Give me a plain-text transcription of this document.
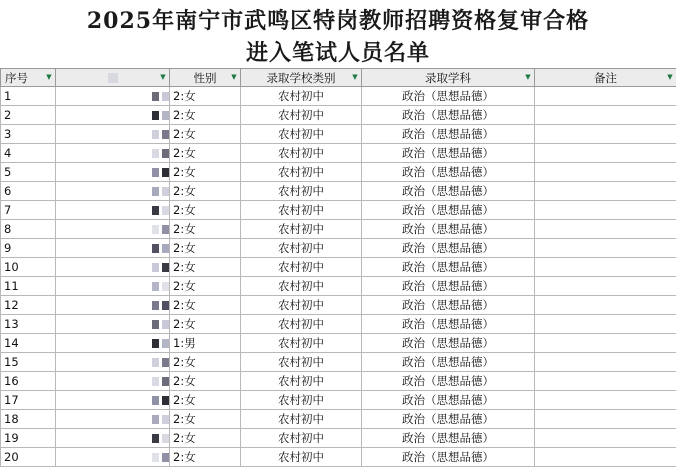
2025年南宁市武鸣区特岗教师招聘资格复审合格
进入笔试人员名单
序号 ▼	▼	性别 ▼	录取学校类别 ▼	录取学科 ▼	备注 ▼

1		2:女	农村初中	政治（思想品德）	
2		2:女	农村初中	政治（思想品德）	
3		2:女	农村初中	政治（思想品德）	
4		2:女	农村初中	政治（思想品德）	
5		2:女	农村初中	政治（思想品德）	
6		2:女	农村初中	政治（思想品德）	
7		2:女	农村初中	政治（思想品德）	
8		2:女	农村初中	政治（思想品德）	
9		2:女	农村初中	政治（思想品德）	
10		2:女	农村初中	政治（思想品德）	
11		2:女	农村初中	政治（思想品德）	
12		2:女	农村初中	政治（思想品德）	
13		2:女	农村初中	政治（思想品德）	
14		1:男	农村初中	政治（思想品德）	
15		2:女	农村初中	政治（思想品德）	
16		2:女	农村初中	政治（思想品德）	
17		2:女	农村初中	政治（思想品德）	
18		2:女	农村初中	政治（思想品德）	
19		2:女	农村初中	政治（思想品德）	
20		2:女	农村初中	政治（思想品德）	
